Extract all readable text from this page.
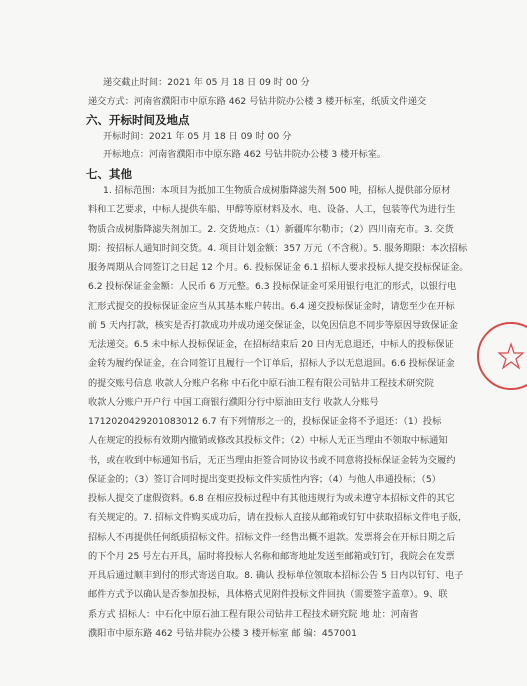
递交截止时间：2021 年 05 月 18 日 09 时 00 分
递交方式：河南省濮阳市中原东路 462 号钻井院办公楼 3 楼开标室，纸质文件递交
六、开标时间及地点
开标时间：2021 年 05 月 18 日 09 时 00 分
开标地点：河南省濮阳市中原东路 462 号钻井院办公楼 3 楼开标室。
七、其他
1. 招标范围：本项目为抵加工生物质合成树脂降滤失剂 500 吨，招标人提供部分原材
料和工艺要求，中标人提供车船、甲醇等原材料及水、电、设备、人工，包装等代为进行生
物质合成树脂降滤失剂加工。2. 交货地点：（1）新疆库尔勒市；（2）四川南充市。3. 交货
期：按招标人通知时间交货。4. 项目计划金额：357 万元（不含税）。5. 服务期限：本次招标
服务周期从合同签订之日起 12 个月。6. 投标保证金 6.1 招标人要求投标人提交投标保证金。
6.2 投标保证金金额：人民币 6 万元整。6.3 投标保证金可采用银行电汇的形式，以银行电
汇形式提交的投标保证金应当从其基本账户转出。6.4 递交投标保证金时，请您至少在开标
前 5 天内打款，核实是否打款成功并成功递交保证金，以免因信息不同步等原因导致保证金
无法递交。6.5 未中标人投标保证金，在招标结束后 20 日内无息退还，中标人的投标保证
金转为履约保证金，在合同签订且履行一个订单后，招标人予以无息退回。6.6 投标保证金
的提交账号信息 收款人分账户名称 中石化中原石油工程有限公司钻井工程技术研究院
收款人分账户开户行 中国工商银行濮阳分行中原油田支行 收款人分账号
1712020429201083012 6.7 有下列情形之一的，投标保证金将不予退还：（1）投标
人在规定的投标有效期内撤销或修改其投标文件；（2）中标人无正当理由不领取中标通知
书，或在收到中标通知书后，无正当理由拒签合同协议书或不同意将投标保证金转为交履约
保证金的；（3）签订合同时提出变更投标文件实质性内容；（4）与他人串通投标；（5）
投标人提交了虚假资料。6.8 在相应投标过程中有其他违规行为或未遵守本招标文件的其它
有关规定的。7. 招标文件购买成功后，请在投标人直接从邮箱或钉钉中获取招标文件电子版，
招标人不再提供任何纸质招标文件。招标文件一经售出概不退款。发票将会在开标日期之后
的下个月 25 号左右开具，届时将投标人名称和邮寄地址发送至邮箱或钉钉，我院会在发票
开具后通过顺丰到付的形式寄送自取。8. 确认 投标单位领取本招标公告 5 日内以钉钉、电子
邮件方式予以确认是否参加投标，具体格式见附件投标文件回执（需要签字盖章）。9、联
系方式 招标人：中石化中原石油工程有限公司钻井工程技术研究院 地 址：河南省
濮阳市中原东路 462 号钻井院办公楼 3 楼开标室 邮 编：457001
